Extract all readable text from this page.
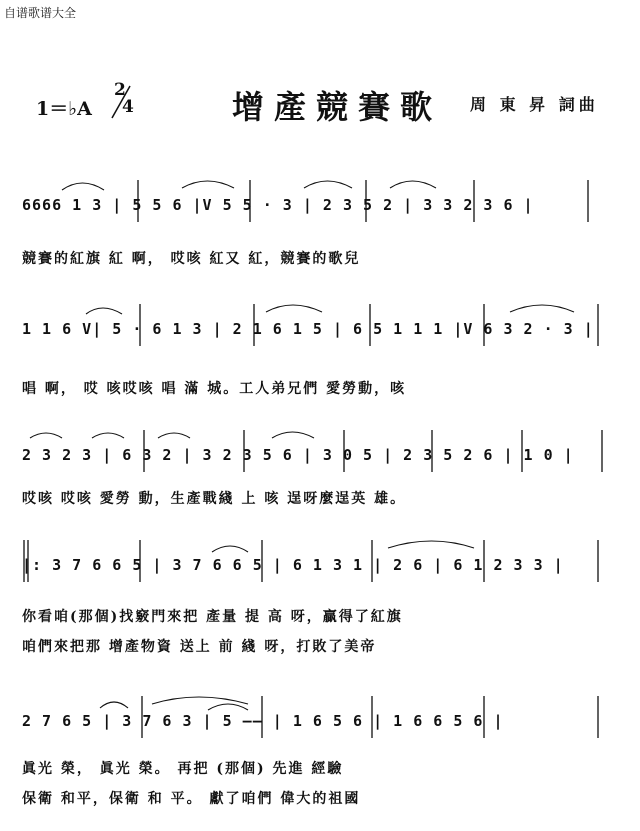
自谱歌谱大全
1＝♭A
2
4	增產競賽歌 周 東 昇 詞曲
6666 1 3 | 5 5 6 |V 5 5 · 3 | 2 3 5 2 | 3 3 2 3 6 |
競賽的紅旗 紅 啊， 哎咳 紅又 紅，競賽的歌兒
1 1 6 V| 5 · 6 1 3 | 2 1 6 1 5 | 6 5 1 1 1 |V 6 3 2 · 3 |
唱 啊， 哎 咳哎咳 唱 滿 城。工人弟兄們 愛勞動，咳
2 3 2 3 | 6 3 2 | 3 2 3 5 6 | 3 0 5 | 2 3 5 2 6 | 1 0 |
哎咳 哎咳 愛勞 動，生產戰綫 上 咳 逞呀麼逞英 雄。
|: 3 7 6 6 5 | 3 7 6 6 5 | 6 1 3 1 | 2 6 | 6 1 2 3 3 |
你看咱(那個)找竅門來把 產量 提 高 呀，贏得了紅旗
咱們來把那 增產物資 送上 前 綫 呀，打敗了美帝
2 7 6 5 | 3 7 6 3 | 5 —— | 1 6 5 6 | 1 6 6 5 6 |
眞光 榮， 眞光 榮。 再把 (那個) 先進 經驗
保衛 和平，保衛 和 平。 獻了咱們 偉大的祖國
